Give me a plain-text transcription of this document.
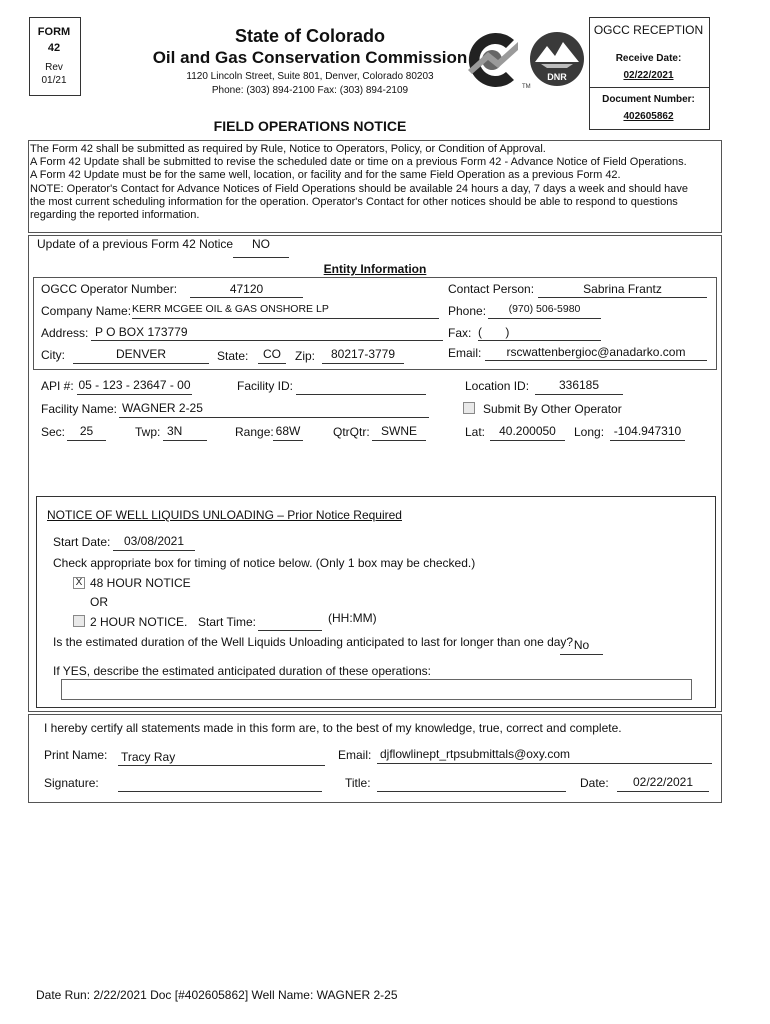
FORM
42
Rev
01/21
State of Colorado
Oil and Gas Conservation Commission
1120 Lincoln Street, Suite 801, Denver, Colorado 80203
Phone: (303) 894-2100 Fax: (303) 894-2109	TM
DNR
OGCC RECEPTION
Receive Date:
02/22/2021
Document Number:
402605862
FIELD OPERATIONS NOTICE
The Form 42 shall be submitted as required by Rule, Notice to Operators, Policy, or Condition of Approval.
A Form 42 Update shall be submitted to revise the scheduled date or time on a previous Form 42 - Advance Notice of Field Operations.
A Form 42 Update must be for the same well, location, or facility and for the same Field Operation as a previous Form 42.
NOTE: Operator's Contact for Advance Notices of Field Operations should be available 24 hours a day, 7 days a week and should have
the most current scheduling information for the operation. Operator's Contact for other notices should be able to respond to questions
regarding the reported information.
Update of a previous Form 42 Notice	NO
Entity Information
OGCC Operator Number:	47120	Contact Person:	Sabrina Frantz
Company Name: KERR MCGEE OIL & GAS ONSHORE LP	Phone:	(970) 506-5980
Address: P O BOX 173779	Fax: (       )
City:	DENVER	State:	CO	Zip:	80217-3779	Email:	rscwattenbergioc@anadarko.com
API #: 05 - 123 - 23647 - 00	Facility ID:	Location ID:	336185
Facility Name: WAGNER 2-25	Submit By Other Operator
Sec:	25	Twp: 3N	Range: 68W	QtrQtr: SWNE	Lat:	40.200050	Long: -104.947310
NOTICE OF WELL LIQUIDS UNLOADING – Prior Notice Required
Start Date:	03/08/2021
Check appropriate box for timing of notice below. (Only 1 box may be checked.)
X 48 HOUR NOTICE
OR
2 HOUR NOTICE. Start Time:	(HH:MM)
Is the estimated duration of the Well Liquids Unloading anticipated to last for longer than one day? No
If YES, describe the estimated anticipated duration of these operations:
I hereby certify all statements made in this form are, to the best of my knowledge, true, correct and complete.
Print Name: Tracy Ray	Email: djflowlinept_rtpsubmittals@oxy.com
Signature:	Title:	Date:	02/22/2021
Date Run: 2/22/2021 Doc [#402605862] Well Name: WAGNER 2-25
